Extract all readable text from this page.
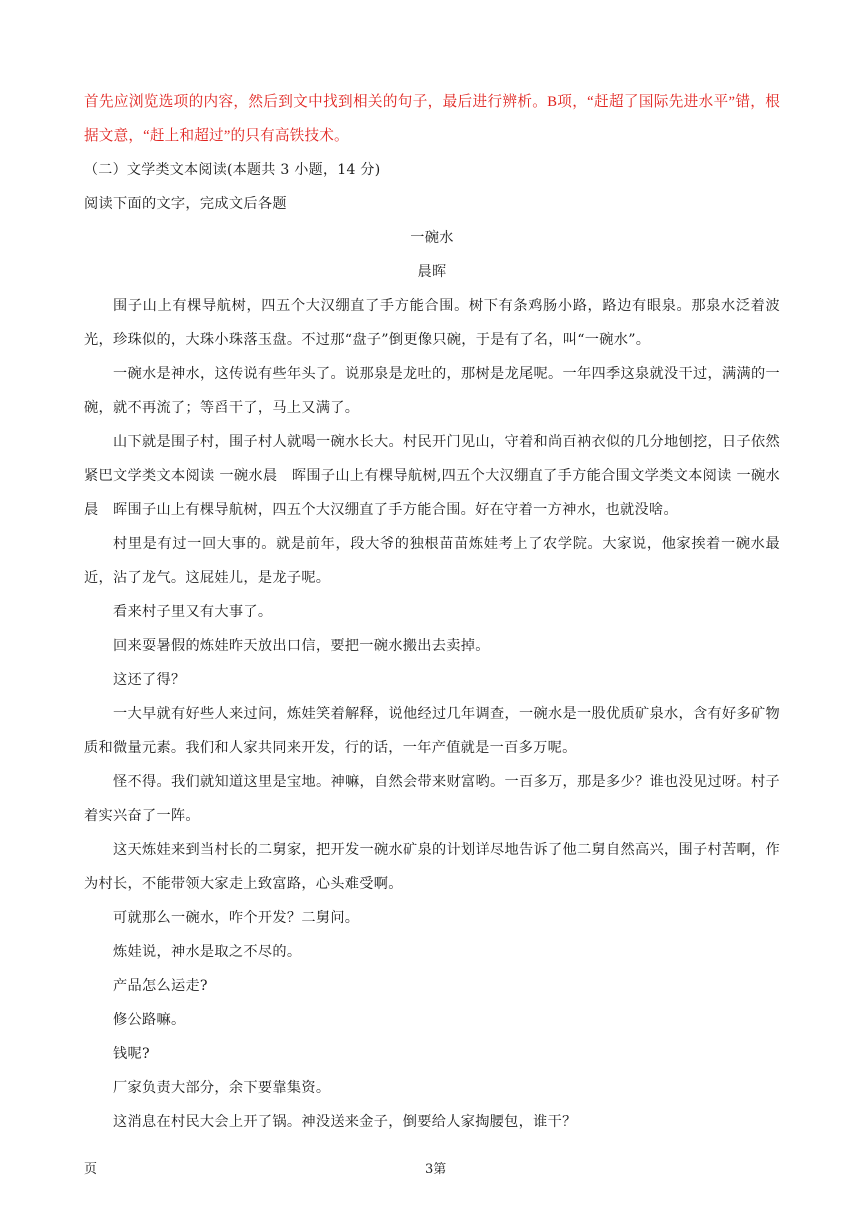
首先应浏览选项的内容，然后到文中找到相关的句子，最后进行辨析。B项，“赶超了国际先进水平”错，根据文意，“赶上和超过”的只有高铁技术。

（二）文学类文本阅读(本题共 3 小题，14 分)

阅读下面的文字，完成文后各题

一碗水

晨晖

围子山上有棵导航树，四五个大汉绷直了手方能合围。树下有条鸡肠小路，路边有眼泉。那泉水泛着波光，珍珠似的，大珠小珠落玉盘。不过那“盘子”倒更像只碗，于是有了名，叫“一碗水”。

一碗水是神水，这传说有些年头了。说那泉是龙吐的，那树是龙尾呢。一年四季这泉就没干过，满满的一碗，就不再流了；等舀干了，马上又满了。

山下就是围子村，围子村人就喝一碗水长大。村民开门见山，守着和尚百衲衣似的几分地刨挖，日子依然紧巴文学类文本阅读 一碗水晨　晖围子山上有棵导航树,四五个大汉绷直了手方能合围文学类文本阅读 一碗水晨　晖围子山上有棵导航树，四五个大汉绷直了手方能合围。好在守着一方神水，也就没啥。

村里是有过一回大事的。就是前年，段大爷的独根苗苗炼娃考上了农学院。大家说，他家挨着一碗水最近，沾了龙气。这屁娃儿，是龙子呢。

看来村子里又有大事了。

回来耍暑假的炼娃昨天放出口信，要把一碗水搬出去卖掉。

这还了得？

一大早就有好些人来过问，炼娃笑着解释，说他经过几年调查，一碗水是一股优质矿泉水，含有好多矿物质和微量元素。我们和人家共同来开发，行的话，一年产值就是一百多万呢。

怪不得。我们就知道这里是宝地。神嘛，自然会带来财富哟。一百多万，那是多少？谁也没见过呀。村子着实兴奋了一阵。

这天炼娃来到当村长的二舅家，把开发一碗水矿泉的计划详尽地告诉了他二舅自然高兴，围子村苦啊，作为村长，不能带领大家走上致富路，心头难受啊。

可就那么一碗水，咋个开发？二舅问。

炼娃说，神水是取之不尽的。

产品怎么运走?

修公路嘛。

钱呢?

厂家负责大部分，余下要靠集资。

这消息在村民大会上开了锅。神没送来金子，倒要给人家掏腰包，谁干？

页	3第
